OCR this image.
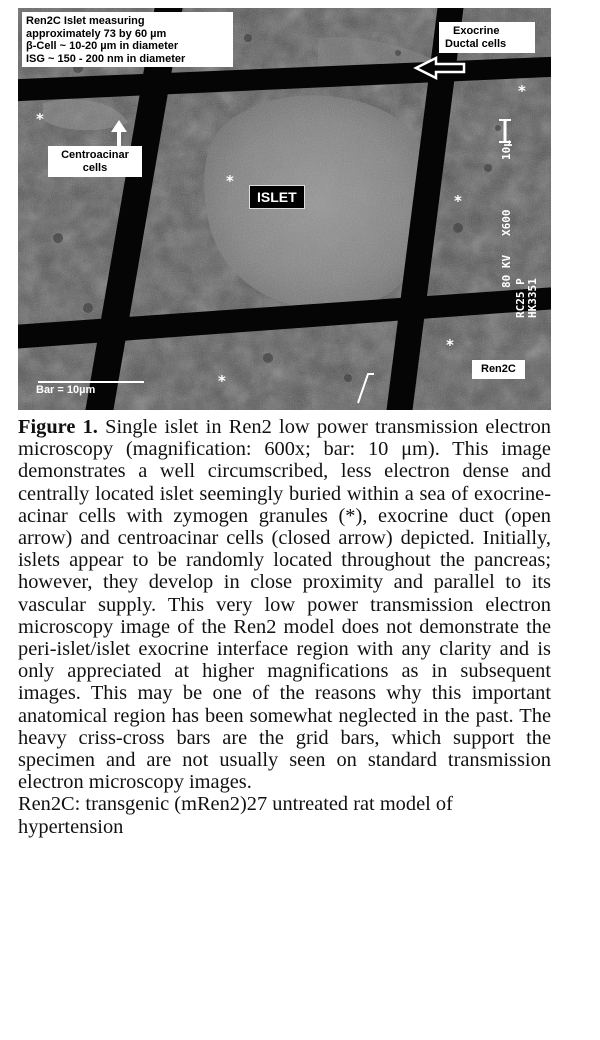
Ren2C Islet measuring
approximately 73 by 60 µm
β-Cell ~ 10-20 µm in diameter
ISG ~ 150 - 200 nm in diameter
Exocrine
Ductal cells
Centroacinar
cells
ISLET
Ren2C
Bar = 10µm
*
*
*
*
*
*
10µ
X600
80 KV
RC25 P HK3351

Figure 1. Single islet in Ren2 low power transmission electron microscopy (magnification: 600x; bar: 10 μm). This image demonstrates a well circumscribed, less electron dense and centrally located islet seemingly buried within a sea of exocrine-acinar cells with zymogen granules (*), exocrine duct (open arrow) and centroacinar cells (closed arrow) depicted. Initially, islets appear to be randomly located throughout the pancreas; however, they develop in close proximity and parallel to its vascular supply. This very low power transmission electron microscopy image of the Ren2 model does not demonstrate the peri-islet/islet exocrine interface region with any clarity and is only appreciated at higher magnifications as in subsequent images. This may be one of the reasons why this important anatomical region has been somewhat neglected in the past. The heavy criss-cross bars are the grid bars, which support the specimen and are not usually seen on standard transmission electron microscopy images.

Ren2C: transgenic (mRen2)27 untreated rat model of hypertension
